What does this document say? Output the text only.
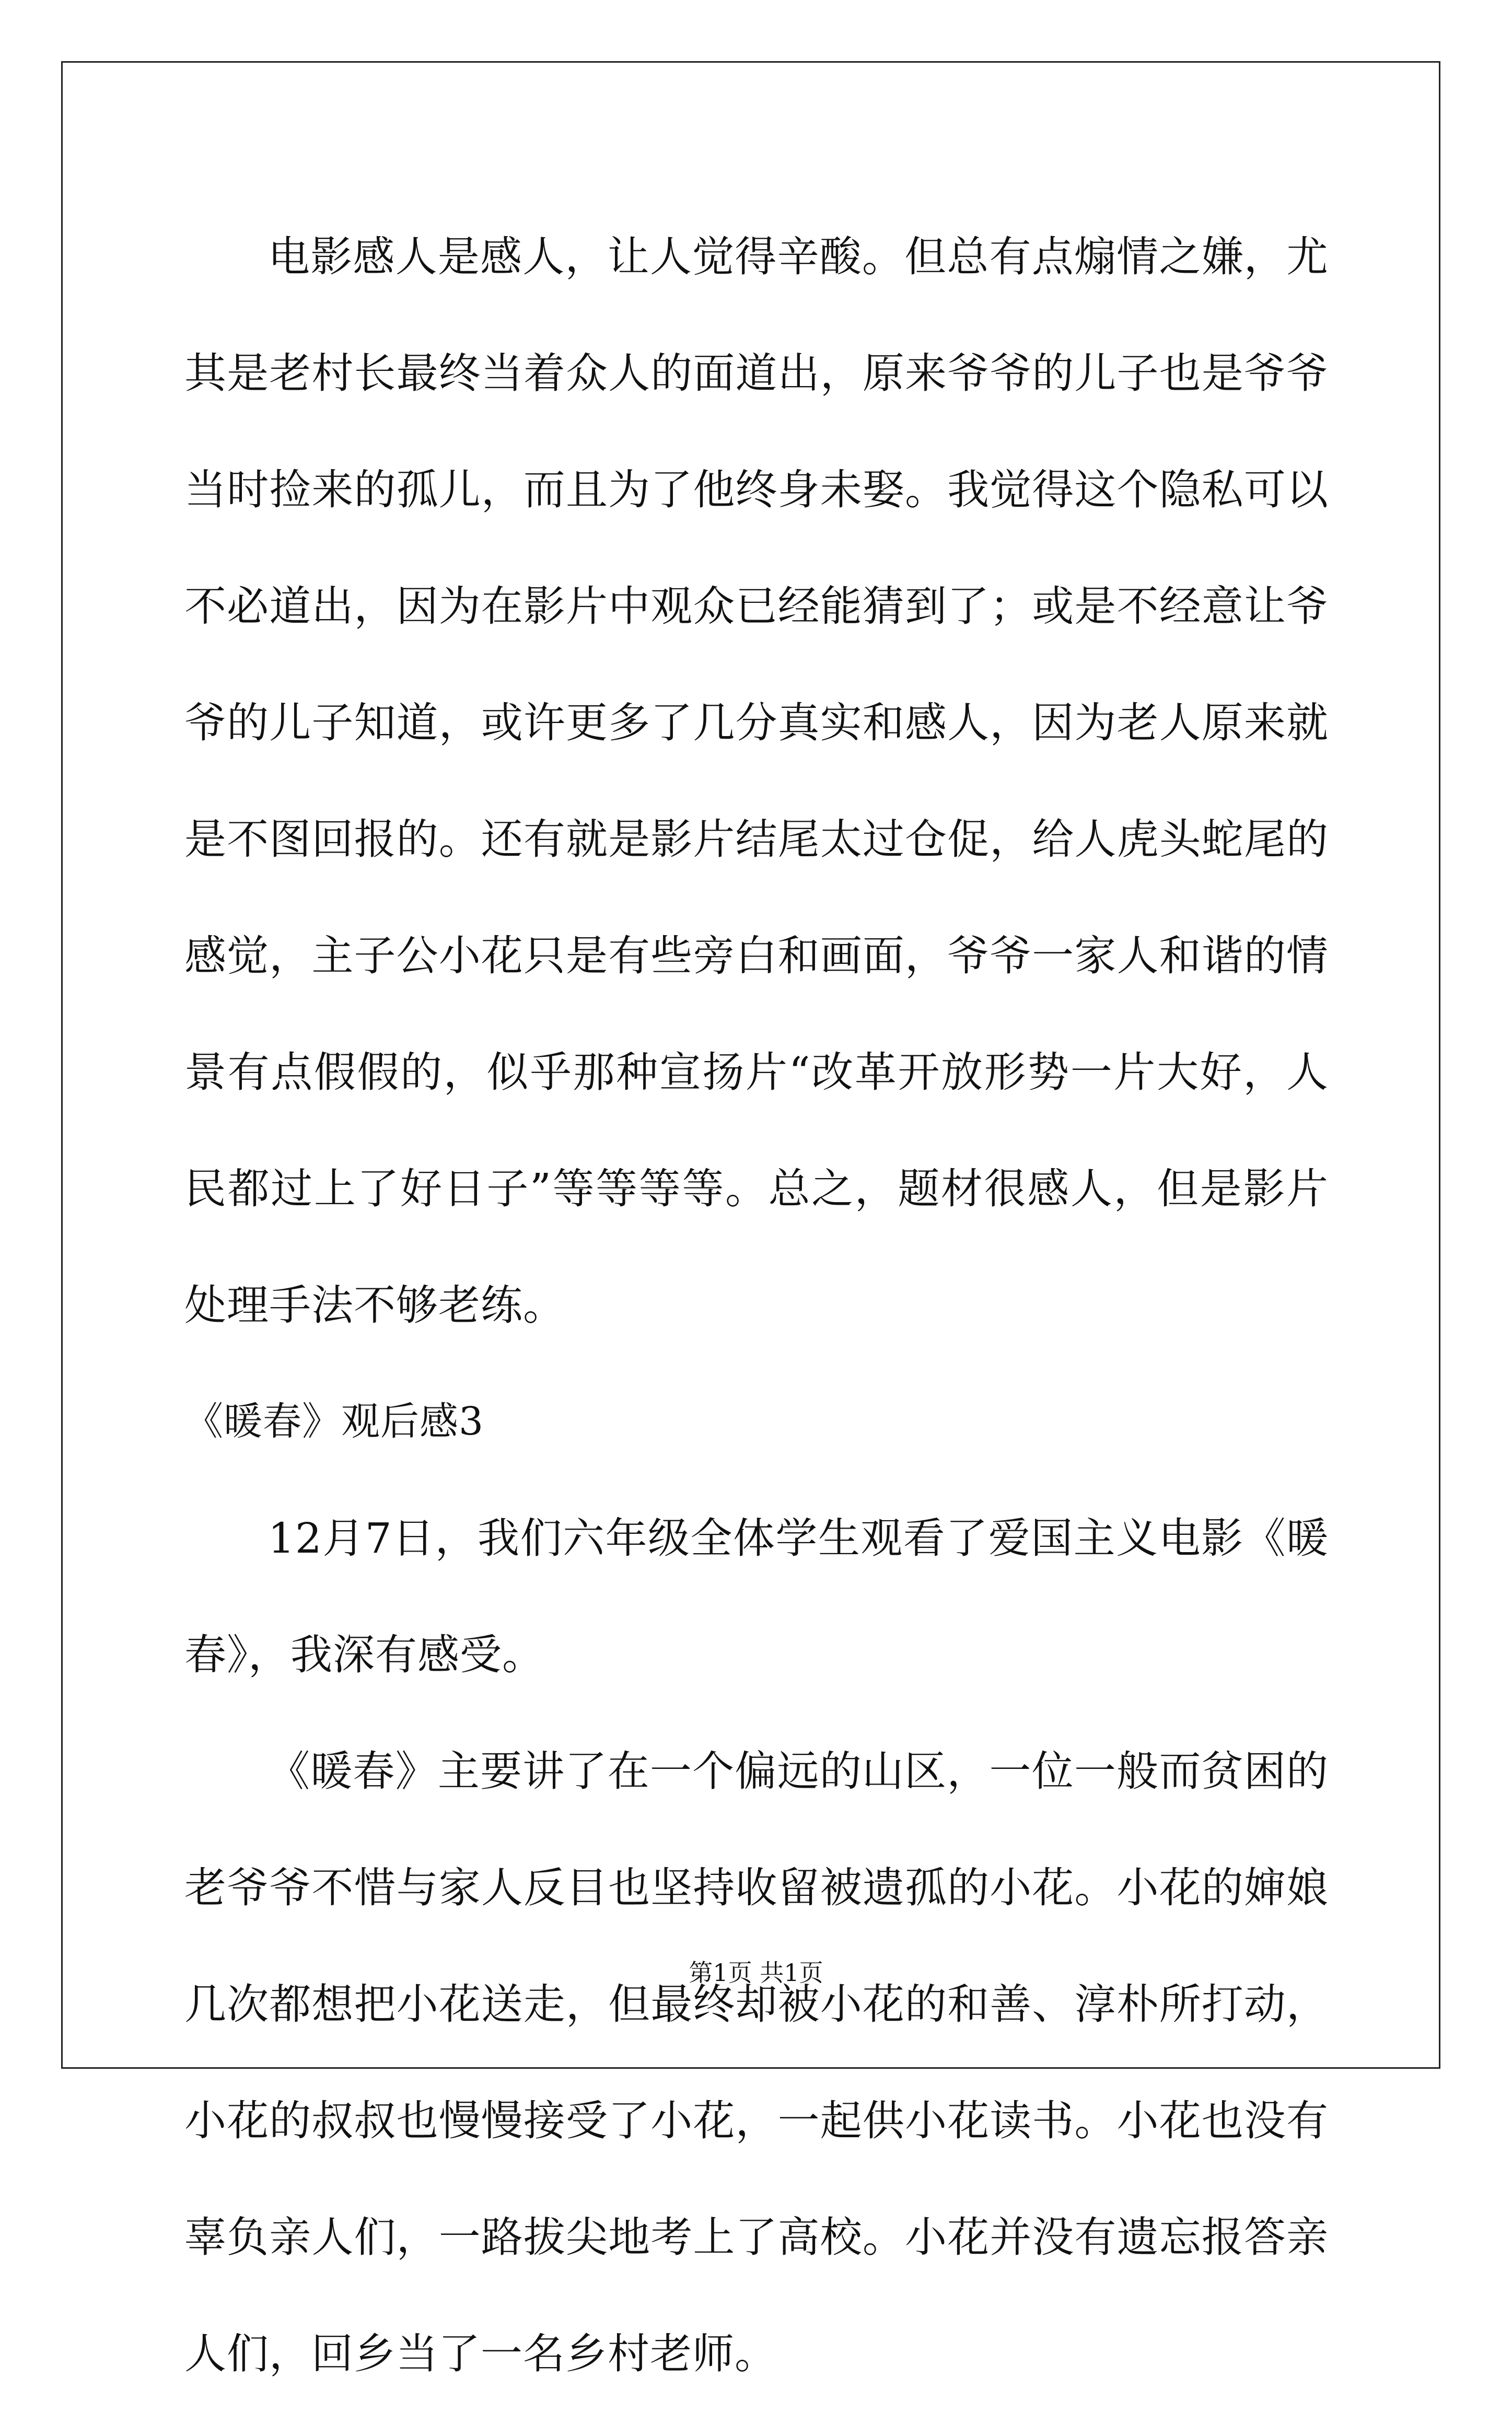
电影感人是感人，让人觉得辛酸。但总有点煽情之嫌，尤其是老村长最终当着众人的面道出，原来爷爷的儿子也是爷爷当时捡来的孤儿，而且为了他终身未娶。我觉得这个隐私可以不必道出，因为在影片中观众已经能猜到了；或是不经意让爷爷的儿子知道，或许更多了几分真实和感人，因为老人原来就是不图回报的。还有就是影片结尾太过仓促，给人虎头蛇尾的感觉，主子公小花只是有些旁白和画面，爷爷一家人和谐的情景有点假假的，似乎那种宣扬片“改革开放形势一片大好，人民都过上了好日子”等等等等。总之，题材很感人，但是影片处理手法不够老练。

《暖春》观后感3

12月7日，我们六年级全体学生观看了爱国主义电影《暖春》，我深有感受。

《暖春》主要讲了在一个偏远的山区，一位一般而贫困的老爷爷不惜与家人反目也坚持收留被遗孤的小花。小花的婶娘几次都想把小花送走，但最终却被小花的和善、淳朴所打动，小花的叔叔也慢慢接受了小花，一起供小花读书。小花也没有辜负亲人们，一路拔尖地考上了高校。小花并没有遗忘报答亲人们，回乡当了一名乡村老师。

第1页 共1页
